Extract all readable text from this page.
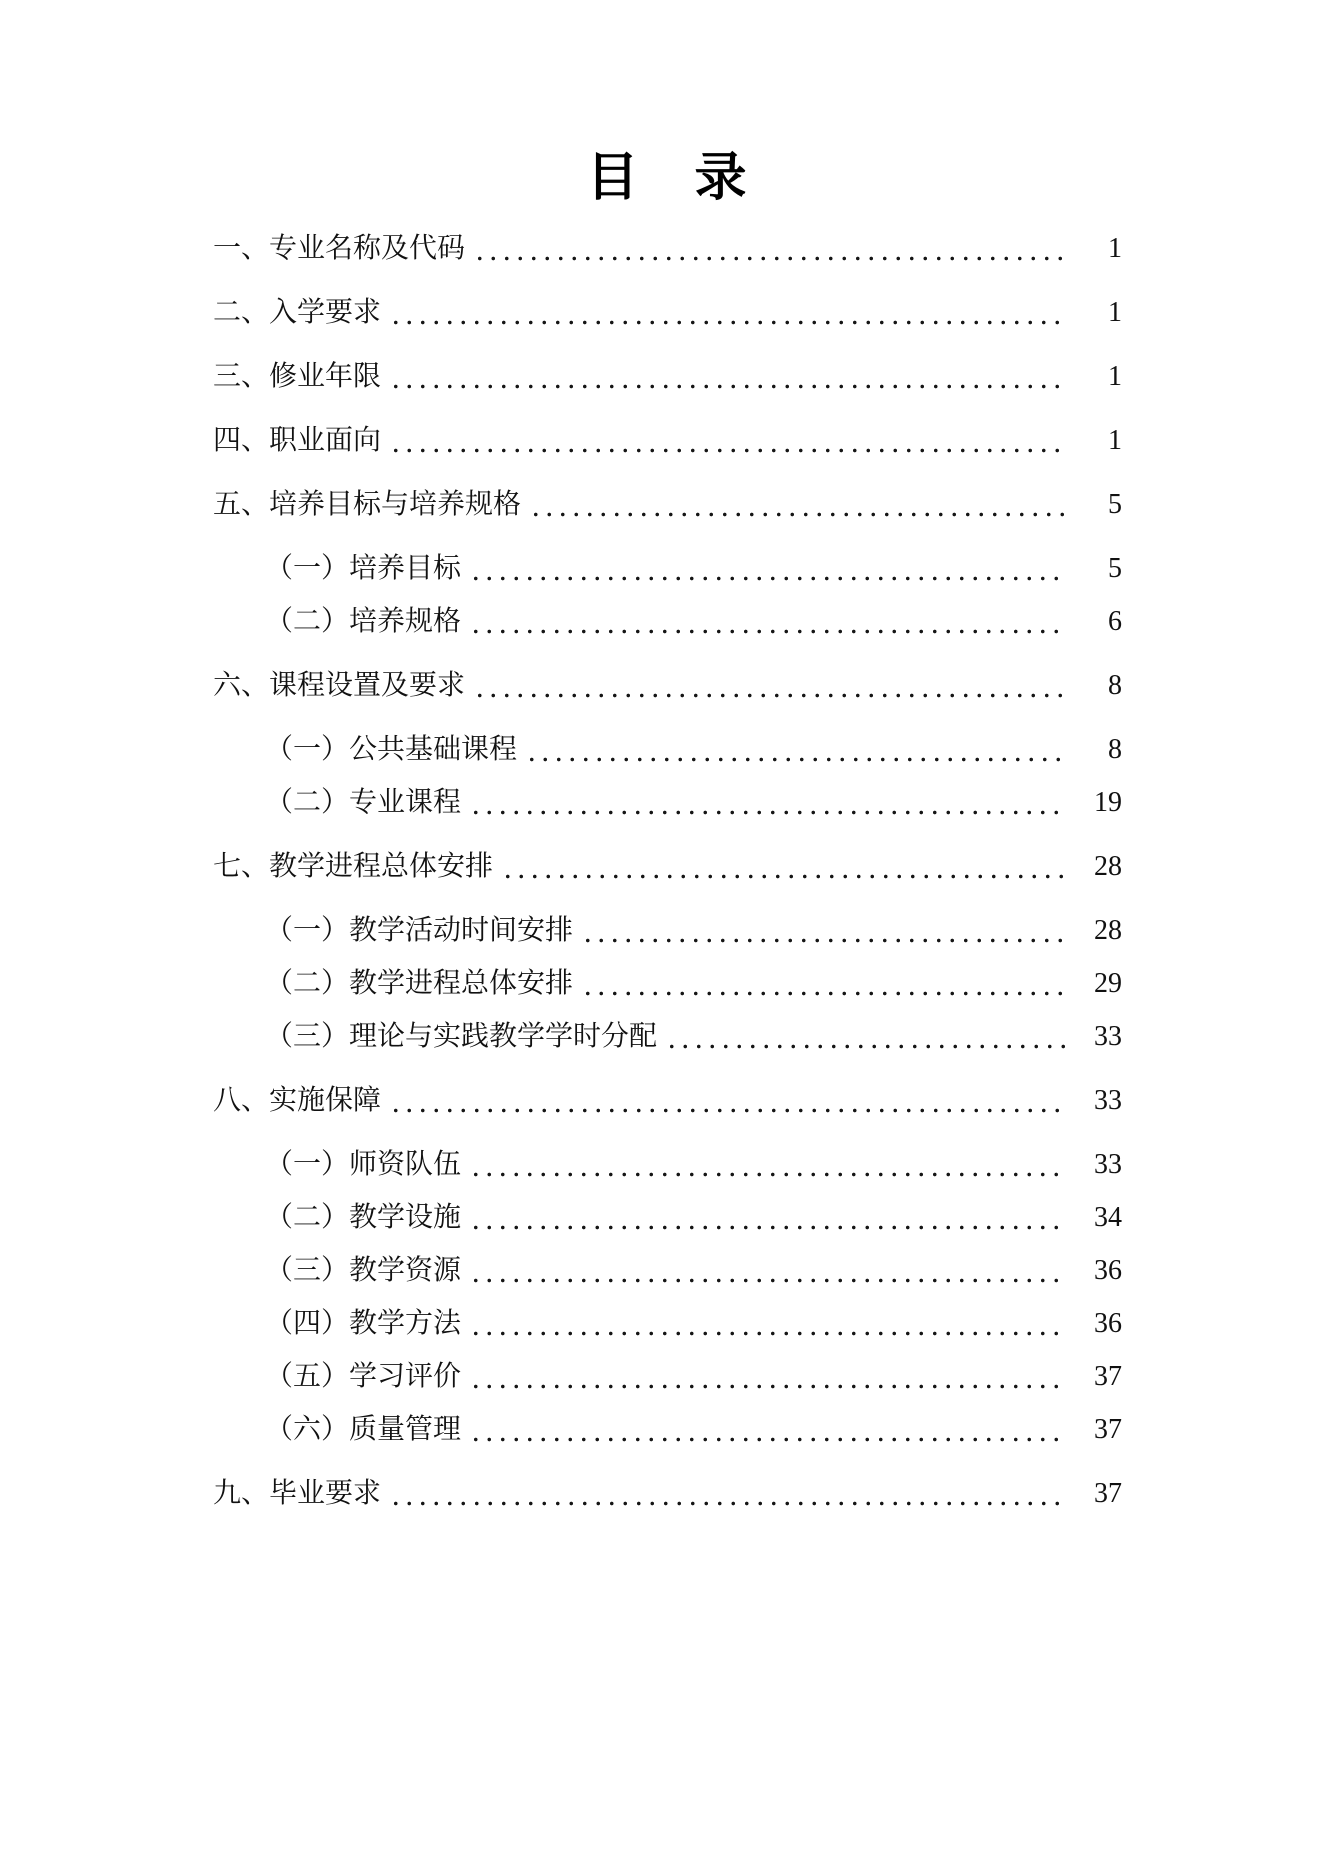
目　录
一、专业名称及代码	1
二、入学要求	1
三、修业年限	1
四、职业面向	1
五、培养目标与培养规格	5
（一）培养目标	5
（二）培养规格	6
六、课程设置及要求	8
（一）公共基础课程	8
（二）专业课程	19
七、教学进程总体安排	28
（一）教学活动时间安排	28
（二）教学进程总体安排	29
（三）理论与实践教学学时分配	33
八、实施保障	33
（一）师资队伍	33
（二）教学设施	34
（三）教学资源	36
（四）教学方法	36
（五）学习评价	37
（六）质量管理	37
九、毕业要求	37
